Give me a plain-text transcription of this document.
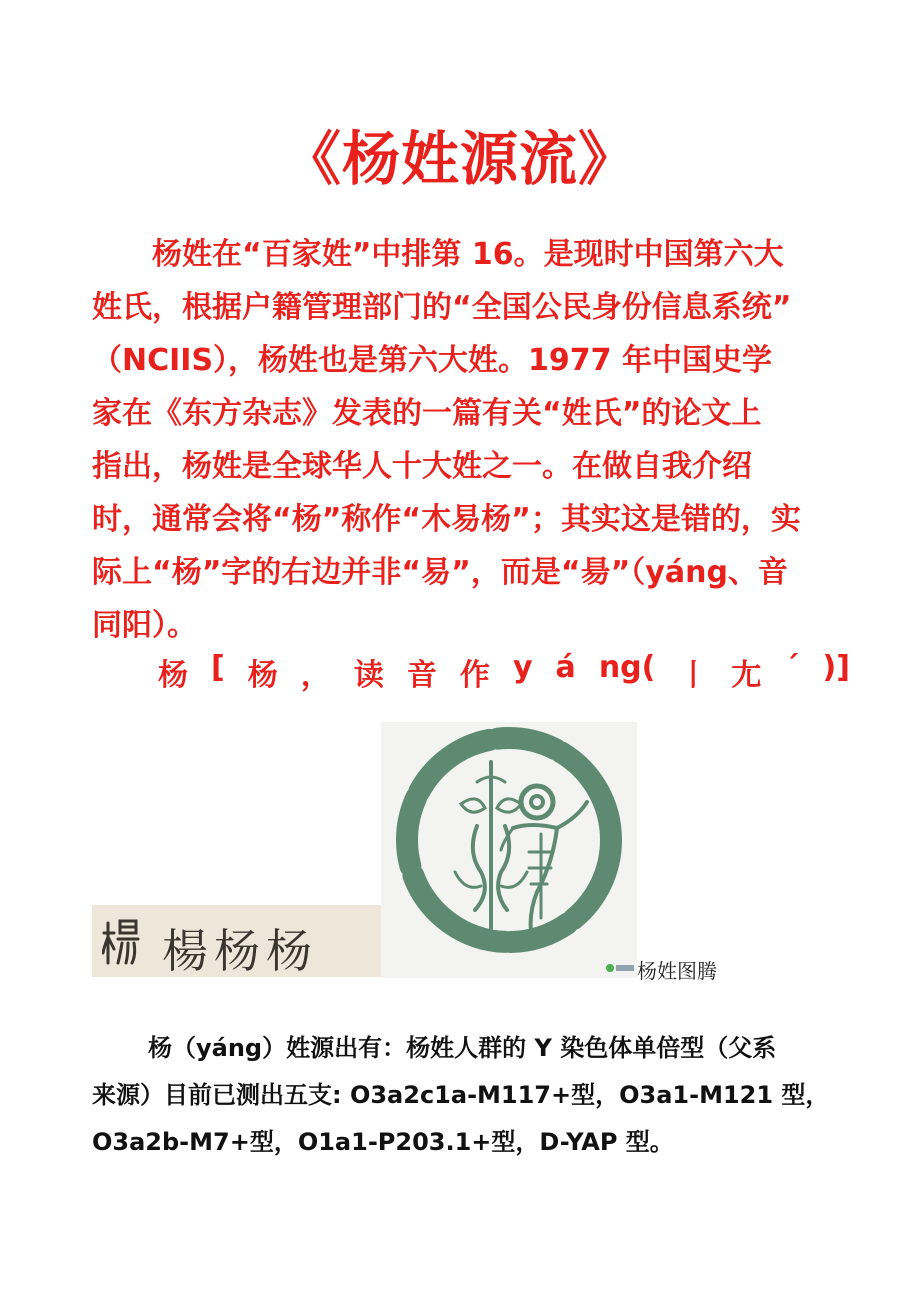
《杨姓源流》

杨姓在“百家姓”中排第 16。是现时中国第六大
姓氏，根据户籍管理部门的“全国公民身份信息系统”
（NCIIS），杨姓也是第六大姓。1977 年中国史学
家在《东方杂志》发表的一篇有关“姓氏”的论文上
指出，杨姓是全球华人十大姓之一。在做自我介绍
时，通常会将“杨”称作“木易杨”；其实这是错的，实
际上“杨”字的右边并非“易”，而是“昜”（yáng、音
同阳）。

杨 [ 杨 ， 读 音 作 y á ng( 丨 尢 ˊ )]
楊杨杨	杨姓图腾

杨（yáng）姓源出有：杨姓人群的 Y 染色体单倍型（父系
来源）目前已测出五支: O3a2c1a-M117+型，O3a1-M121 型，
O3a2b-M7+型，O1a1-P203.1+型，D-YAP 型。
